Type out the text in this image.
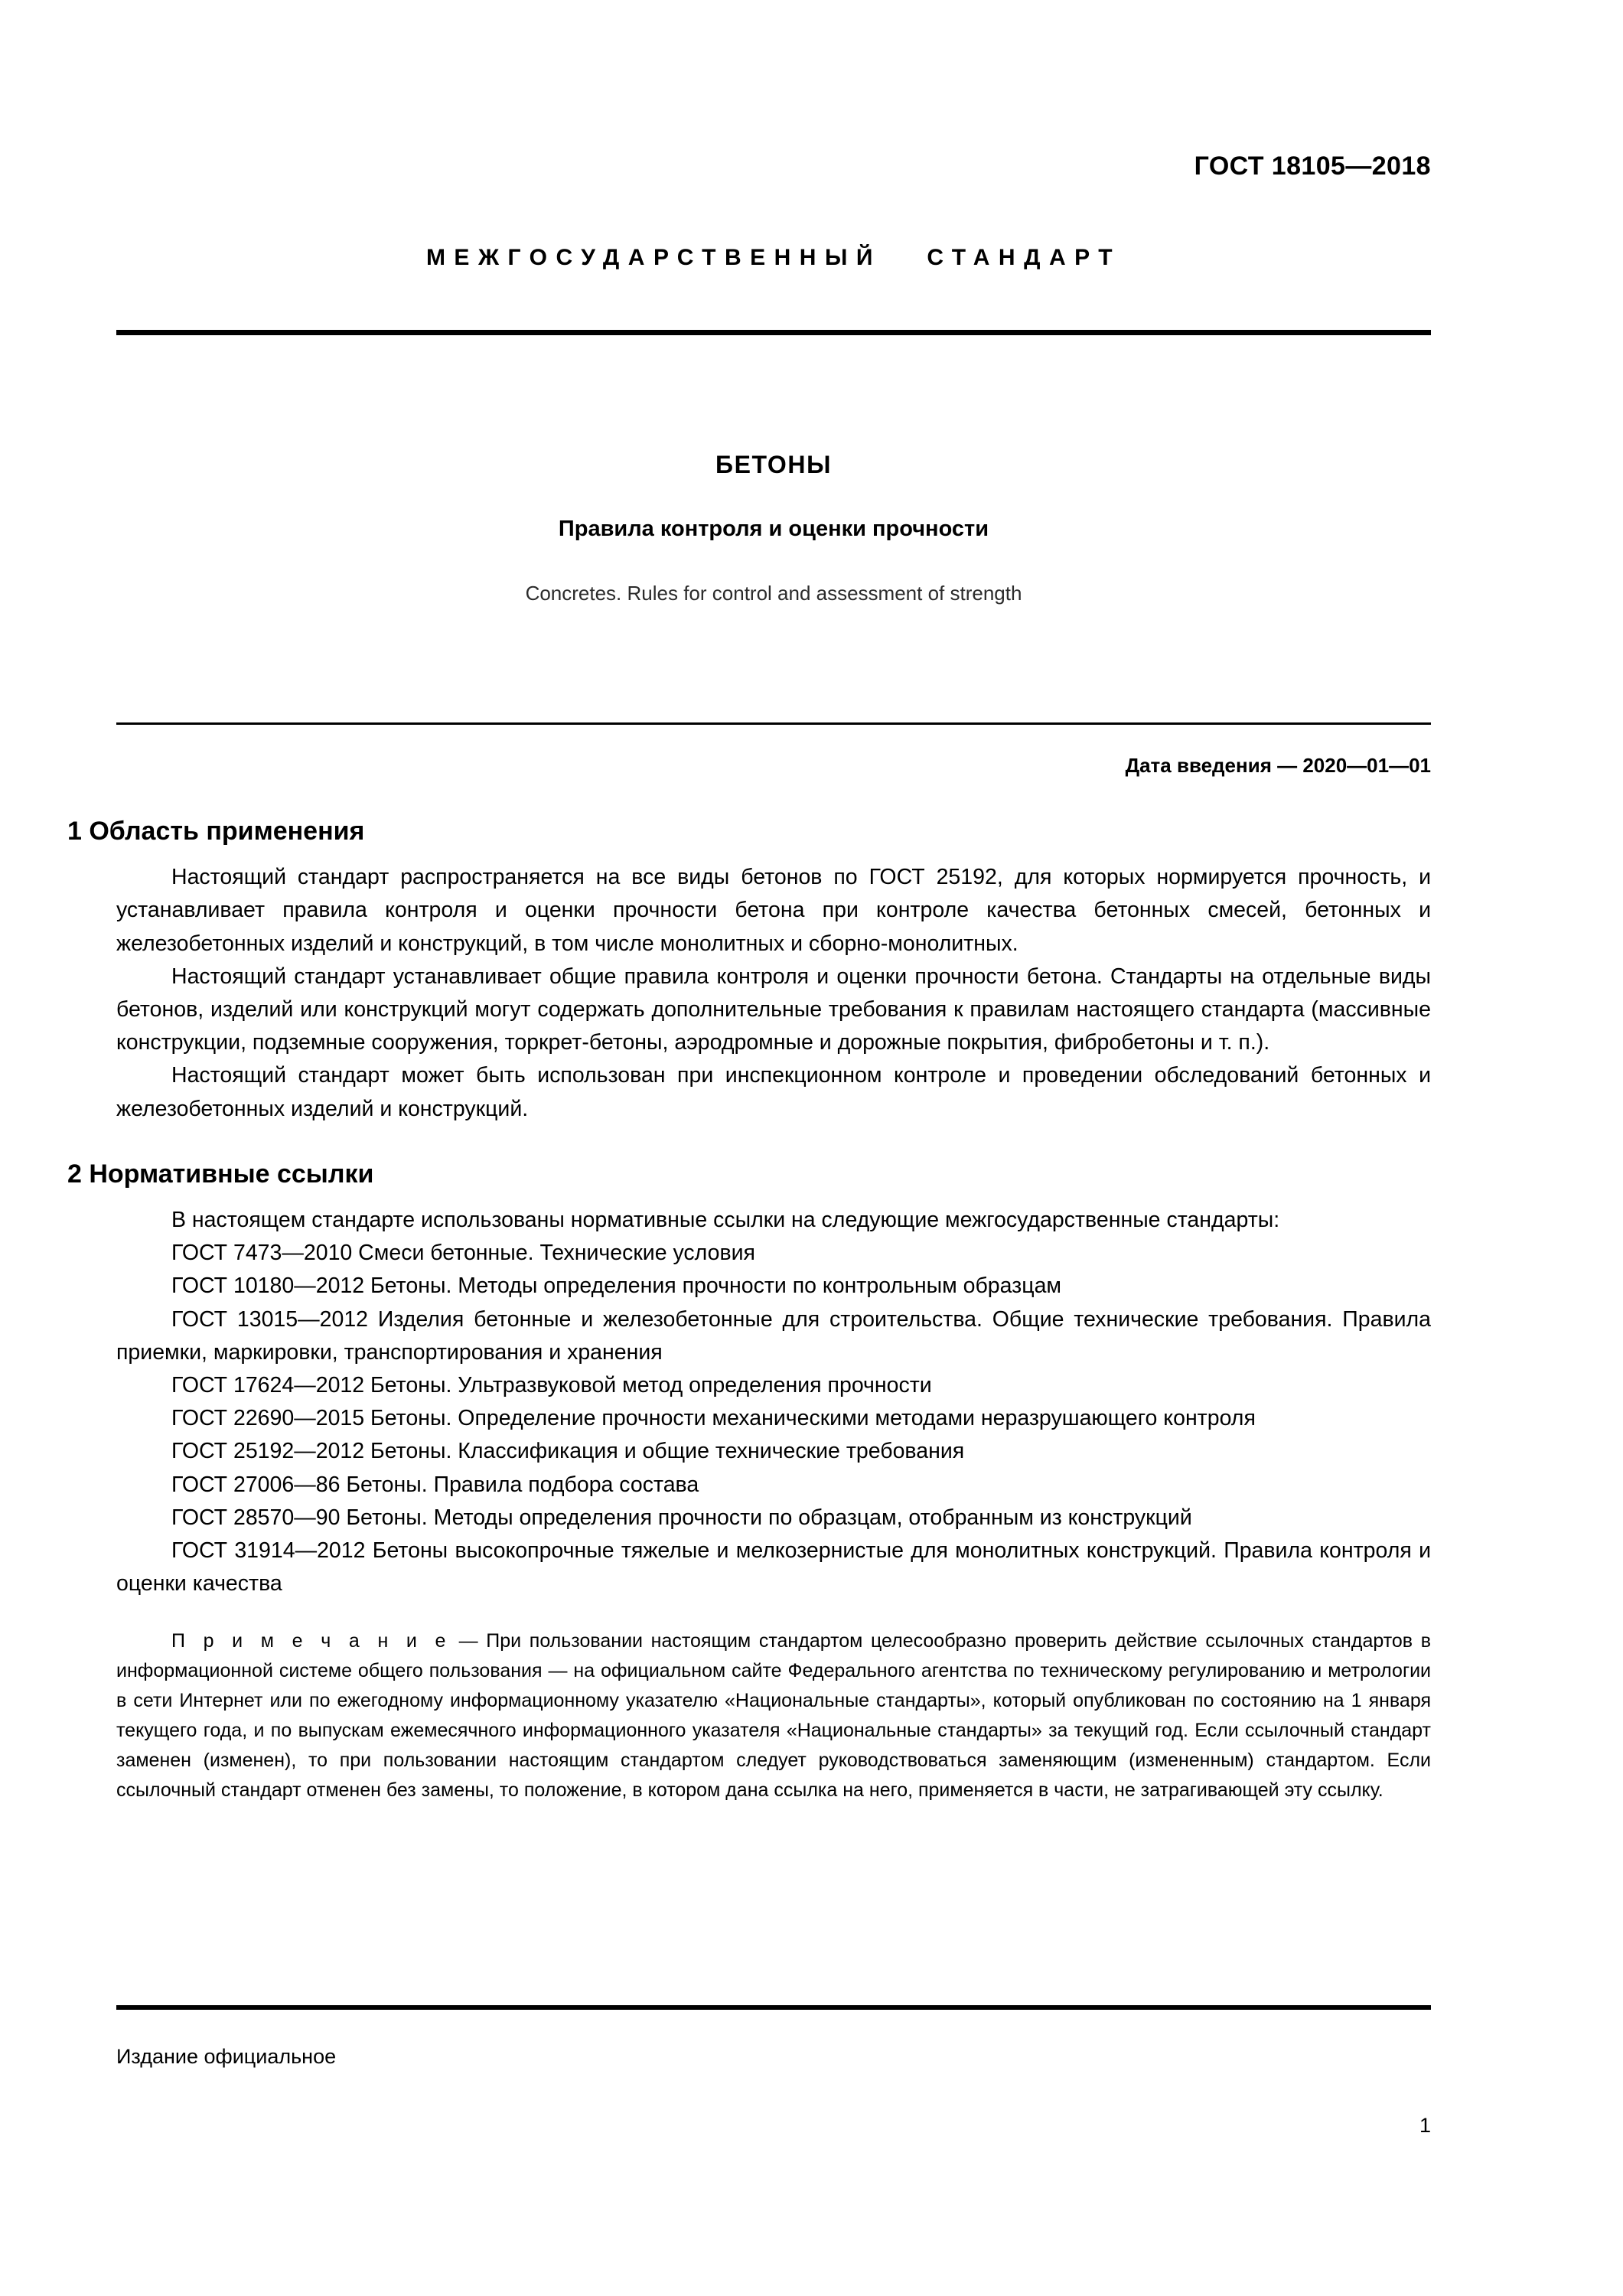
ГОСТ 18105—2018
МЕЖГОСУДАРСТВЕННЫЙ   СТАНДАРТ
БЕТОНЫ
Правила контроля и оценки прочности
Concretes. Rules for control and assessment of strength
Дата введения — 2020—01—01
1 Область применения

Настоящий стандарт распространяется на все виды бетонов по ГОСТ 25192, для которых нормируется прочность, и устанавливает правила контроля и оценки прочности бетона при контроле качества бетонных смесей, бетонных и железобетонных изделий и конструкций, в том числе монолитных и сборно-монолитных.

Настоящий стандарт устанавливает общие правила контроля и оценки прочности бетона. Стандарты на отдельные виды бетонов, изделий или конструкций могут содержать дополнительные требования к правилам настоящего стандарта (массивные конструкции, подземные сооружения, торкрет-бетоны, аэродромные и дорожные покрытия, фибробетоны и т. п.).

Настоящий стандарт может быть использован при инспекционном контроле и проведении обследований бетонных и железобетонных изделий и конструкций.

2 Нормативные ссылки

В настоящем стандарте использованы нормативные ссылки на следующие межгосударственные стандарты:

ГОСТ 7473—2010 Смеси бетонные. Технические условия
ГОСТ 10180—2012 Бетоны. Методы определения прочности по контрольным образцам
ГОСТ 13015—2012 Изделия бетонные и железобетонные для строительства. Общие технические требования. Правила приемки, маркировки, транспортирования и хранения
ГОСТ 17624—2012 Бетоны. Ультразвуковой метод определения прочности
ГОСТ 22690—2015 Бетоны. Определение прочности механическими методами неразрушающего контроля
ГОСТ 25192—2012 Бетоны. Классификация и общие технические требования
ГОСТ 27006—86 Бетоны. Правила подбора состава
ГОСТ 28570—90 Бетоны. Методы определения прочности по образцам, отобранным из конструкций
ГОСТ 31914—2012 Бетоны высокопрочные тяжелые и мелкозернистые для монолитных конструкций. Правила контроля и оценки качества

П р и м е ч а н и е — При пользовании настоящим стандартом целесообразно проверить действие ссылочных стандартов в информационной системе общего пользования — на официальном сайте Федерального агентства по техническому регулированию и метрологии в сети Интернет или по ежегодному информационному указателю «Национальные стандарты», который опубликован по состоянию на 1 января текущего года, и по выпускам ежемесячного информационного указателя «Национальные стандарты» за текущий год. Если ссылочный стандарт заменен (изменен), то при пользовании настоящим стандартом следует руководствоваться заменяющим (измененным) стандартом. Если ссылочный стандарт отменен без замены, то положение, в котором дана ссылка на него, применяется в части, не затрагивающей эту ссылку.

Издание официальное
1
